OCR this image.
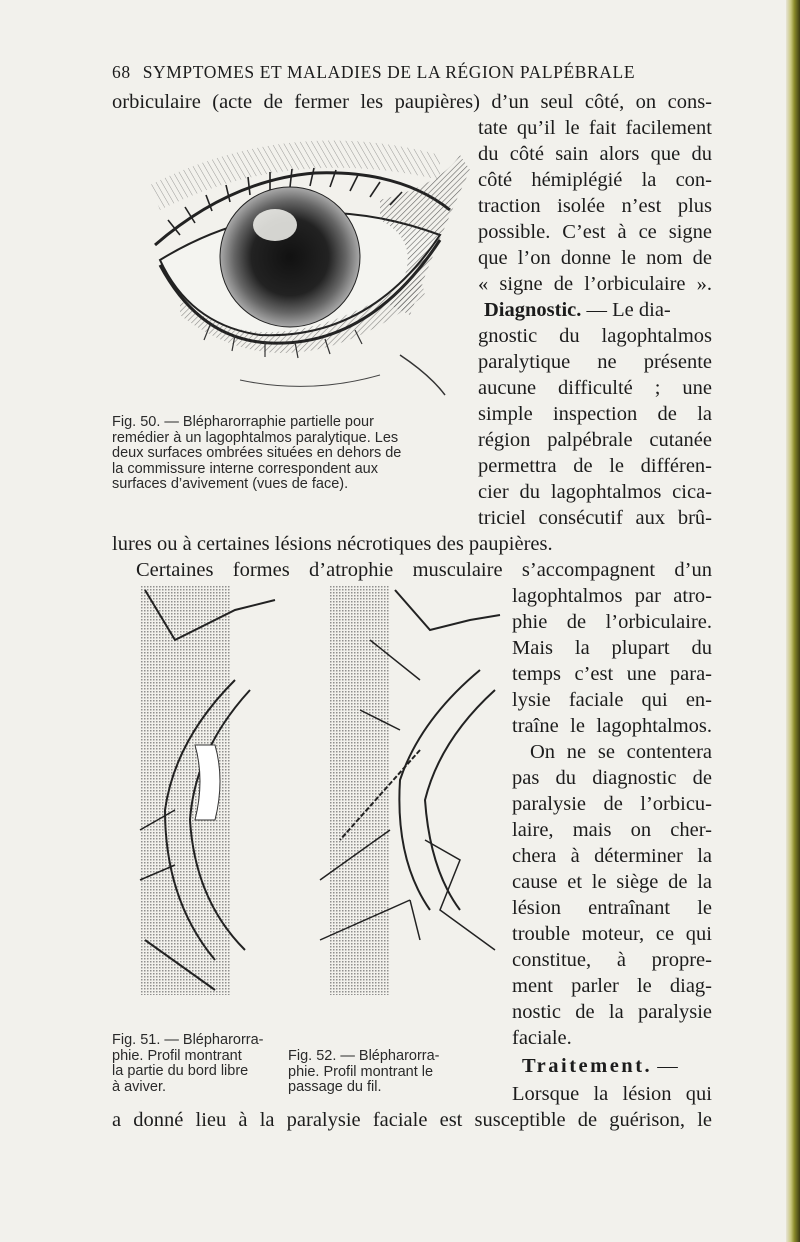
68 SYMPTOMES ET MALADIES DE LA RÉGION PALPÉBRALE
orbiculaire (acte de fermer les paupières) d’un seul côté, on cons-
tate qu’il le fait facilement
du côté sain alors que du
côté hémiplégié la con-
traction isolée n’est plus
possible. C’est à ce signe
que l’on donne le nom de
« signe de l’orbiculaire ».
Diagnostic. — Le dia-
gnostic du lagophtalmos
paralytique ne présente
aucune difficulté ; une
simple inspection de la
région palpébrale cutanée
permettra de le différen-
cier du lagophtalmos cica-
triciel consécutif aux brû-
lures ou à certaines lésions nécrotiques des paupières.
Certaines formes d’atrophie musculaire s’accompagnent d’un
lagophtalmos par atro-
phie de l’orbiculaire.
Mais la plupart du
temps c’est une para-
lysie faciale qui en-
traîne le lagophtalmos.
On ne se contentera
pas du diagnostic de
paralysie de l’orbicu-
laire, mais on cher-
chera à déterminer la
cause et le siège de la
lésion entraînant le
trouble moteur, ce qui
constitue, à propre-
ment parler le diag-
nostic de la paralysie
faciale.
Traitement. —
Lorsque la lésion qui
a donné lieu à la paralysie faciale est susceptible de guérison, le
Fig. 50. — Blépharorraphie partielle pour
remédier à un lagophtalmos paralytique. Les
deux surfaces ombrées situées en dehors de
la commissure interne correspondent aux
surfaces d’avivement (vues de face).
Fig. 51. — Blépharorra-
phie. Profil montrant
la partie du bord libre
à aviver.
Fig. 52. — Blépharorra-
phie. Profil montrant le
passage du fil.
